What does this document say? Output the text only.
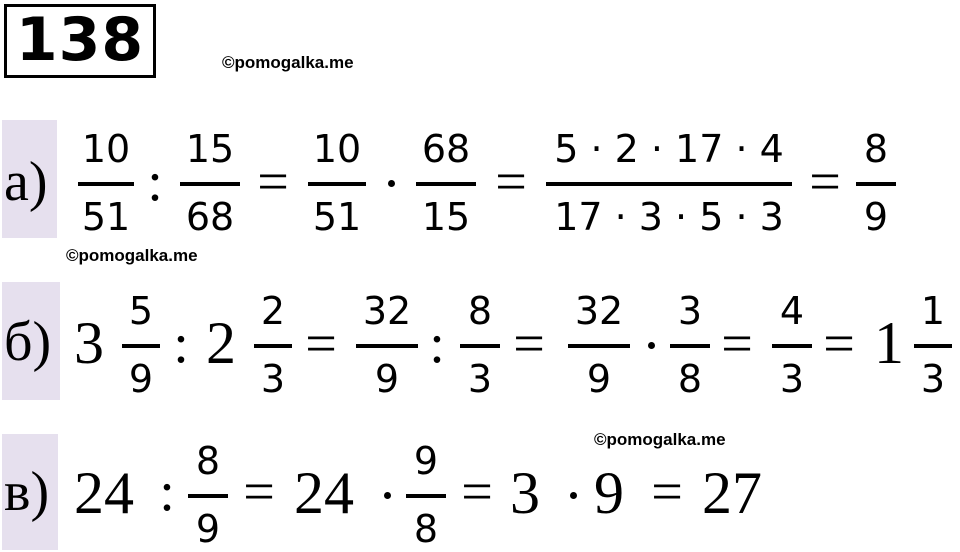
138	©pomogalka.me
©pomogalka.me
©pomogalka.me
а)
10
51
:
15
68
=
10
51
68
15
=
5 · 2 · 17 · 4
17 · 3 · 5 · 3
=
8
9
б) 3 5
9
: 2 2
3
=
32
9
:
8
3
=
32
9
3
8
=
4
3
= 1 1
3
в) 24 : 8
9
= 24 9
8
= 3 9 = 27
